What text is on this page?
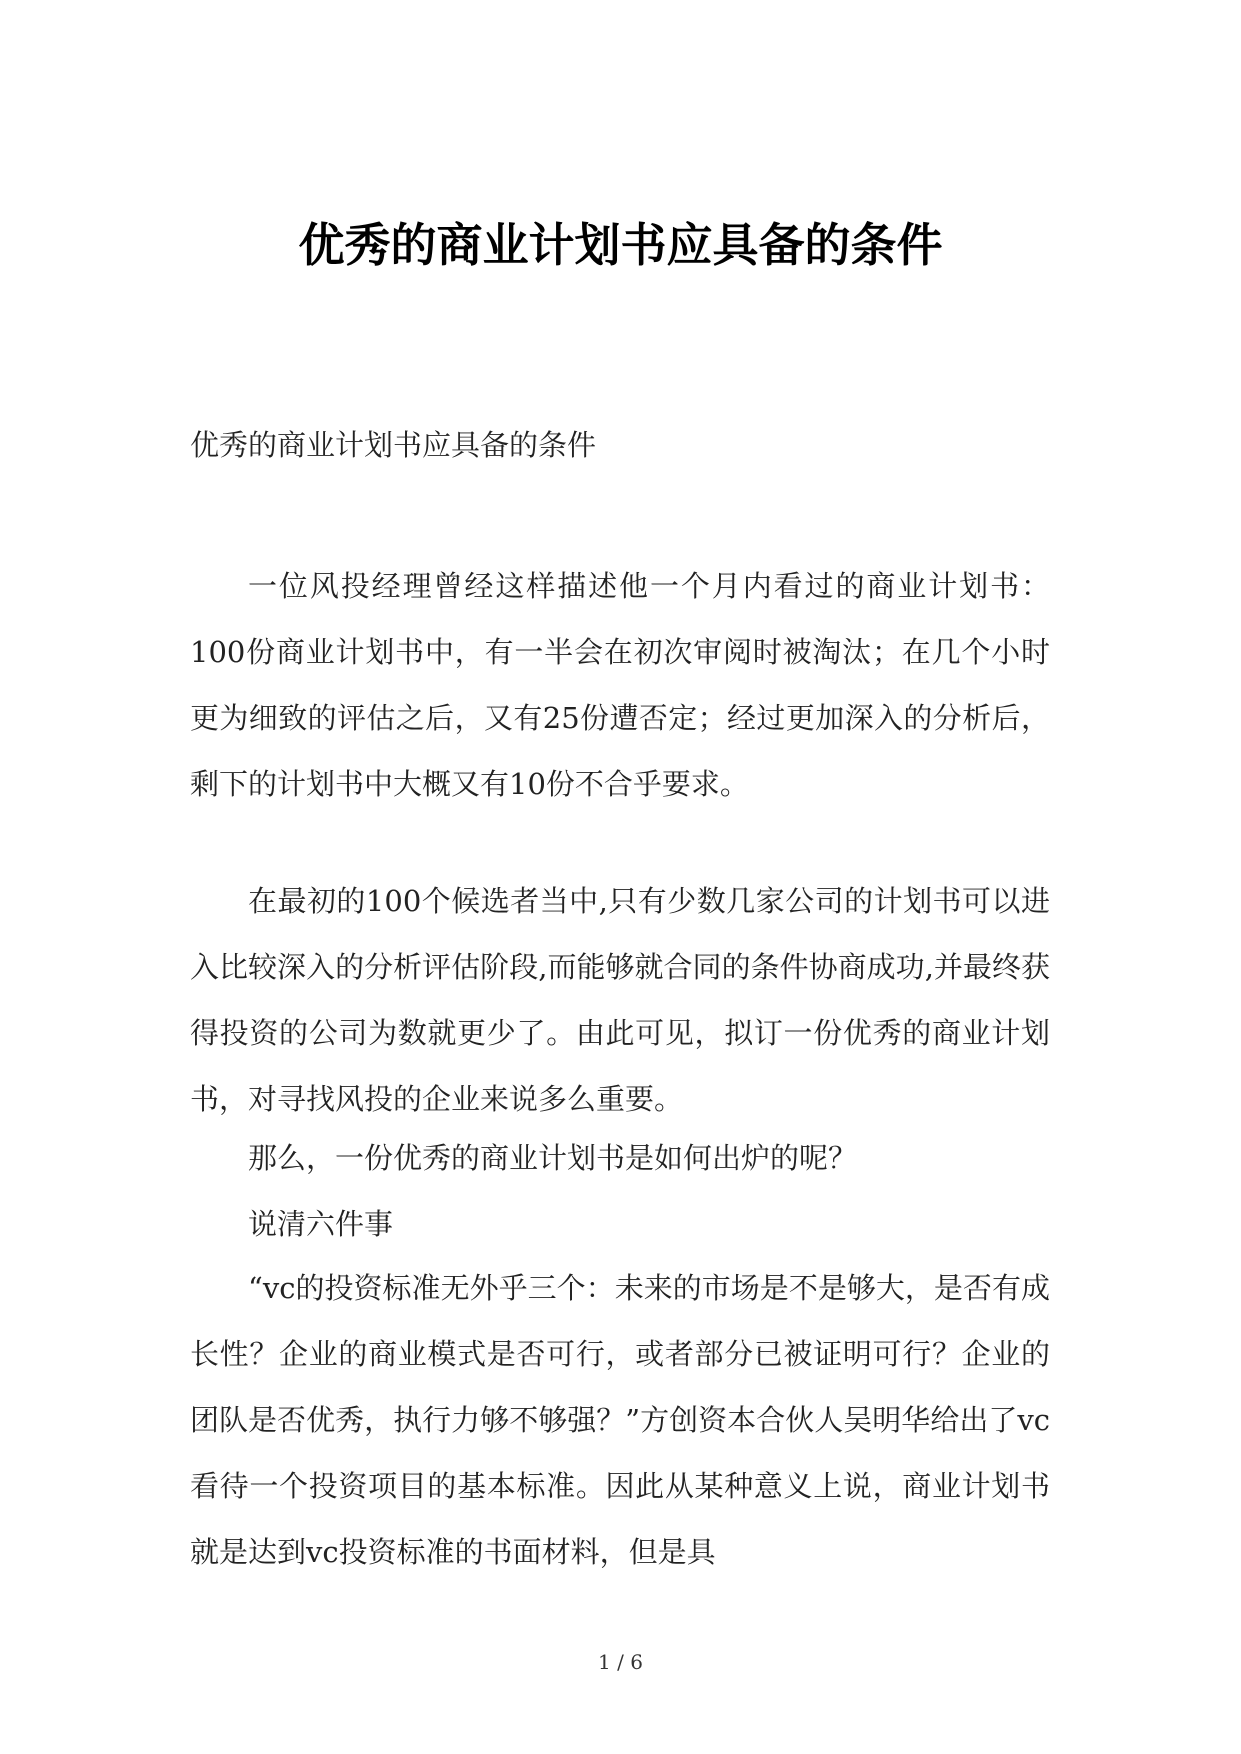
优秀的商业计划书应具备的条件
优秀的商业计划书应具备的条件

一位风投经理曾经这样描述他一个月内看过的商业计划书：100份商业计划书中，有一半会在初次审阅时被淘汰；在几个小时更为细致的评估之后，又有25份遭否定；经过更加深入的分析后，剩下的计划书中大概又有10份不合乎要求。

在最初的100个候选者当中,只有少数几家公司的计划书可以进入比较深入的分析评估阶段,而能够就合同的条件协商成功,并最终获得投资的公司为数就更少了。由此可见，拟订一份优秀的商业计划书，对寻找风投的企业来说多么重要。

那么，一份优秀的商业计划书是如何出炉的呢？

说清六件事

“vc的投资标准无外乎三个：未来的市场是不是够大，是否有成长性？企业的商业模式是否可行，或者部分已被证明可行？企业的团队是否优秀，执行力够不够强？”方创资本合伙人吴明华给出了vc看待一个投资项目的基本标准。因此从某种意义上说，商业计划书就是达到vc投资标准的书面材料，但是具

1 / 6
